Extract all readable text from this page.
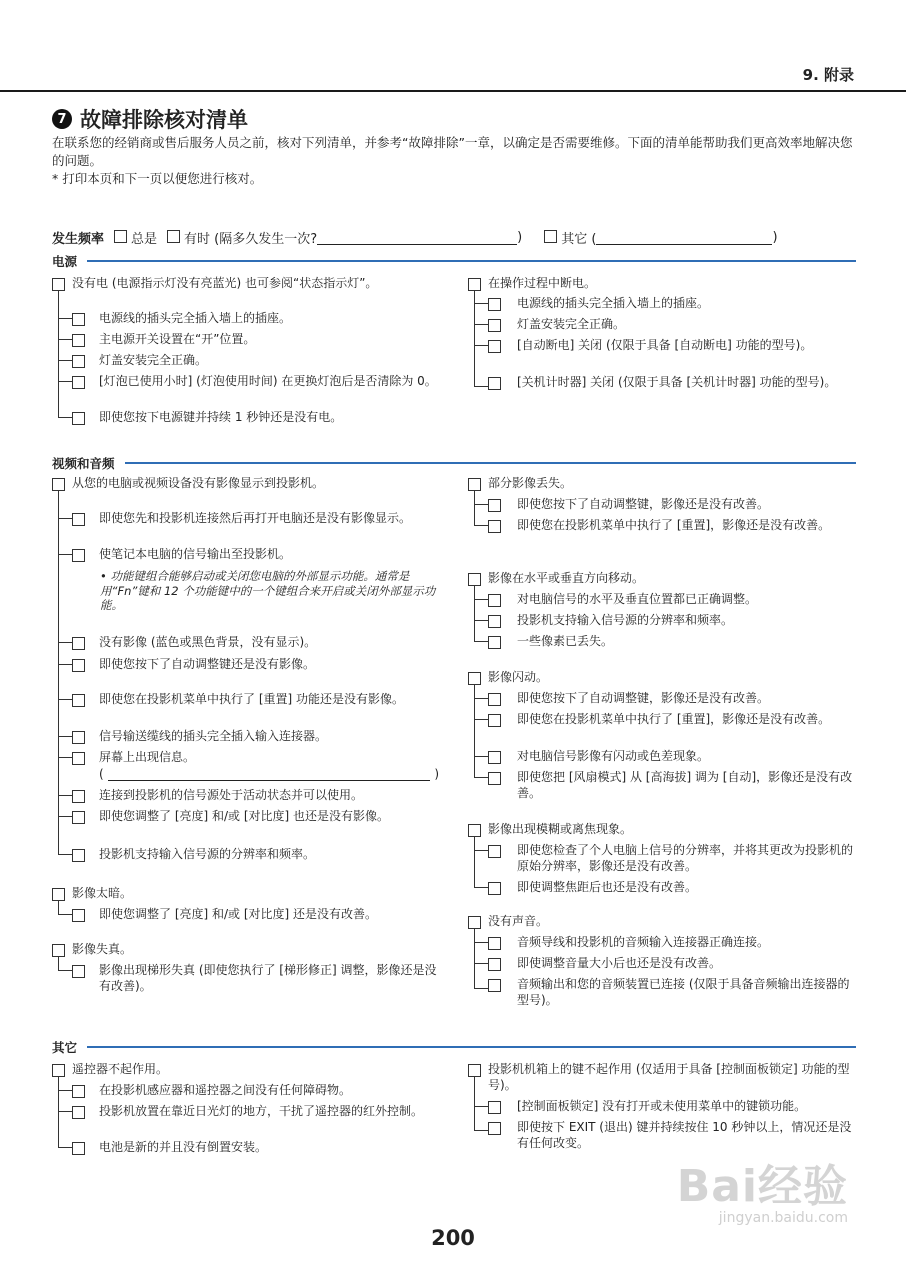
9. 附录
7 故障排除核对清单
在联系您的经销商或售后服务人员之前，核对下列清单，并参考“故障排除”一章，以确定是否需要维修。下面的清单能帮助我们更高效率地解决您的问题。
* 打印本页和下一页以便您进行核对。
发生频率 总是 有时 (隔多久发生一次?	)	其它 (	)
电源
没有电 (电源指示灯没有亮蓝光) 也可参阅“状态指示灯”。
电源线的插头完全插入墙上的插座。
主电源开关设置在“开”位置。
灯盖安装完全正确。
[灯泡已使用小时] (灯泡使用时间) 在更换灯泡后是否清除为 0。
即使您按下电源键并持续 1 秒钟还是没有电。
在操作过程中断电。
电源线的插头完全插入墙上的插座。
灯盖安装完全正确。
[自动断电] 关闭 (仅限于具备 [自动断电] 功能的型号)。
[关机计时器] 关闭 (仅限于具备 [关机计时器] 功能的型号)。
视频和音频
从您的电脑或视频设备没有影像显示到投影机。
即使您先和投影机连接然后再打开电脑还是没有影像显示。
使笔记本电脑的信号输出至投影机。
• 功能键组合能够启动或关闭您电脑的外部显示功能。通常是用“Fn”键和 12 个功能键中的一个键组合来开启或关闭外部显示功能。
没有影像 (蓝色或黑色背景，没有显示)。
即使您按下了自动调整键还是没有影像。
即使您在投影机菜单中执行了 [重置] 功能还是没有影像。
信号输送缆线的插头完全插入输入连接器。
屏幕上出现信息。
(	)
连接到投影机的信号源处于活动状态并可以使用。
即使您调整了 [亮度] 和/或 [对比度] 也还是没有影像。
投影机支持输入信号源的分辨率和频率。
影像太暗。
即使您调整了 [亮度] 和/或 [对比度] 还是没有改善。
影像失真。
影像出现梯形失真 (即使您执行了 [梯形修正] 调整，影像还是没有改善)。
部分影像丢失。
即使您按下了自动调整键，影像还是没有改善。
即使您在投影机菜单中执行了 [重置]，影像还是没有改善。
影像在水平或垂直方向移动。
对电脑信号的水平及垂直位置都已正确调整。
投影机支持输入信号源的分辨率和频率。
一些像素已丢失。
影像闪动。
即使您按下了自动调整键，影像还是没有改善。
即使您在投影机菜单中执行了 [重置]，影像还是没有改善。
对电脑信号影像有闪动或色差现象。
即使您把 [风扇模式] 从 [高海拔] 调为 [自动]，影像还是没有改善。
影像出现模糊或离焦现象。
即使您检查了个人电脑上信号的分辨率，并将其更改为投影机的原始分辨率，影像还是没有改善。
即使调整焦距后也还是没有改善。
没有声音。
音频导线和投影机的音频输入连接器正确连接。
即使调整音量大小后也还是没有改善。
音频输出和您的音频装置已连接 (仅限于具备音频输出连接器的型号)。
其它
遥控器不起作用。
在投影机感应器和遥控器之间没有任何障碍物。
投影机放置在靠近日光灯的地方，干扰了遥控器的红外控制。
电池是新的并且没有倒置安装。
投影机机箱上的键不起作用 (仅适用于具备 [控制面板锁定] 功能的型号)。
[控制面板锁定] 没有打开或未使用菜单中的键锁功能。
即使按下 EXIT (退出) 键并持续按住 10 秒钟以上，情况还是没有任何改变。
Bai经验
jingyan.baidu.com
200
